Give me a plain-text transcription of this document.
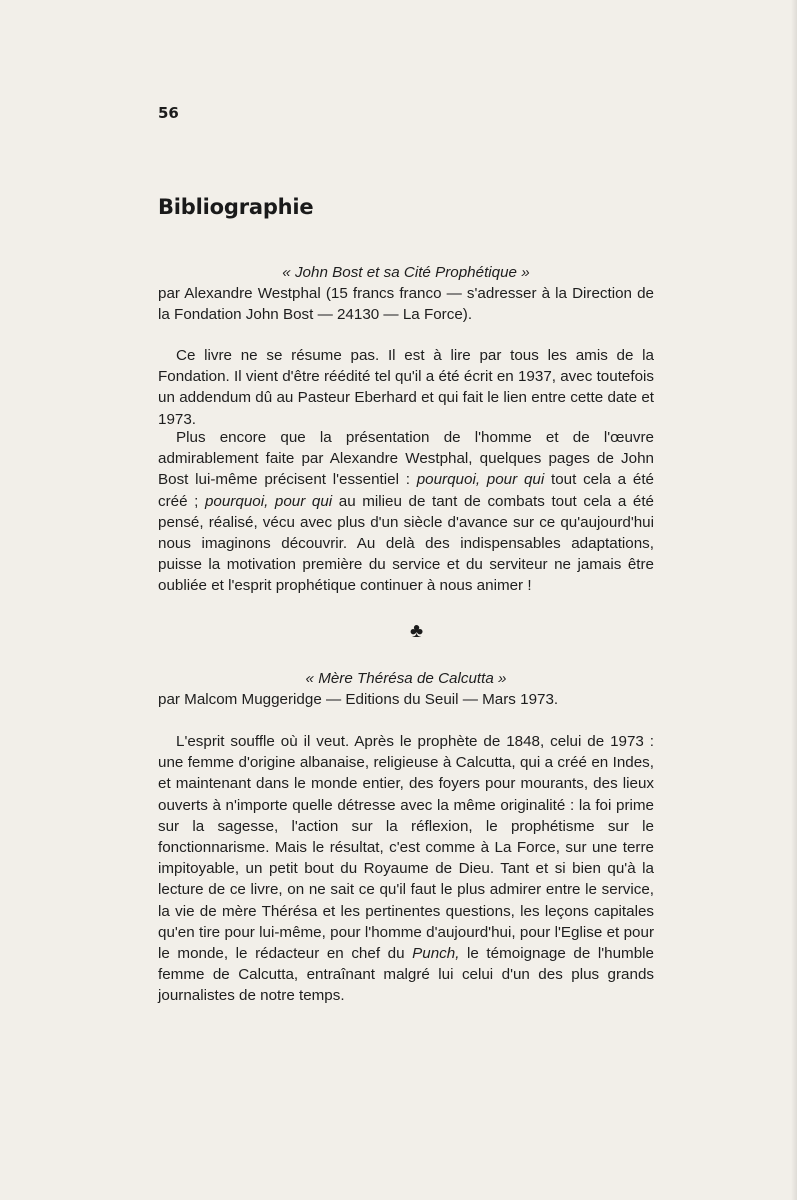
56
Bibliographie

« John Bost et sa Cité Prophétique »

par Alexandre Westphal (15 francs franco — s'adresser à la Direction de la Fondation John Bost — 24130 — La Force).

Ce livre ne se résume pas. Il est à lire par tous les amis de la Fondation. Il vient d'être réédité tel qu'il a été écrit en 1937, avec toutefois un addendum dû au Pasteur Eberhard et qui fait le lien entre cette date et 1973.

Plus encore que la présentation de l'homme et de l'œuvre admirablement faite par Alexandre Westphal, quelques pages de John Bost lui-même précisent l'essentiel : pourquoi, pour qui tout cela a été créé ; pourquoi, pour qui au milieu de tant de combats tout cela a été pensé, réalisé, vécu avec plus d'un siècle d'avance sur ce qu'aujourd'hui nous imaginons découvrir. Au delà des indispensables adaptations, puisse la motivation première du service et du serviteur ne jamais être oubliée et l'esprit prophétique continuer à nous animer !

♣

« Mère Thérésa de Calcutta »

par Malcom Muggeridge — Editions du Seuil — Mars 1973.

L'esprit souffle où il veut. Après le prophète de 1848, celui de 1973 : une femme d'origine albanaise, religieuse à Calcutta, qui a créé en Indes, et maintenant dans le monde entier, des foyers pour mourants, des lieux ouverts à n'importe quelle détresse avec la même originalité : la foi prime sur la sagesse, l'action sur la réflexion, le prophétisme sur le fonctionnarisme. Mais le résultat, c'est comme à La Force, sur une terre impitoyable, un petit bout du Royaume de Dieu. Tant et si bien qu'à la lecture de ce livre, on ne sait ce qu'il faut le plus admirer entre le service, la vie de mère Thérésa et les pertinentes questions, les leçons capitales qu'en tire pour lui-même, pour l'homme d'aujourd'hui, pour l'Eglise et pour le monde, le rédacteur en chef du Punch, le témoignage de l'humble femme de Calcutta, entraînant malgré lui celui d'un des plus grands journalistes de notre temps.
